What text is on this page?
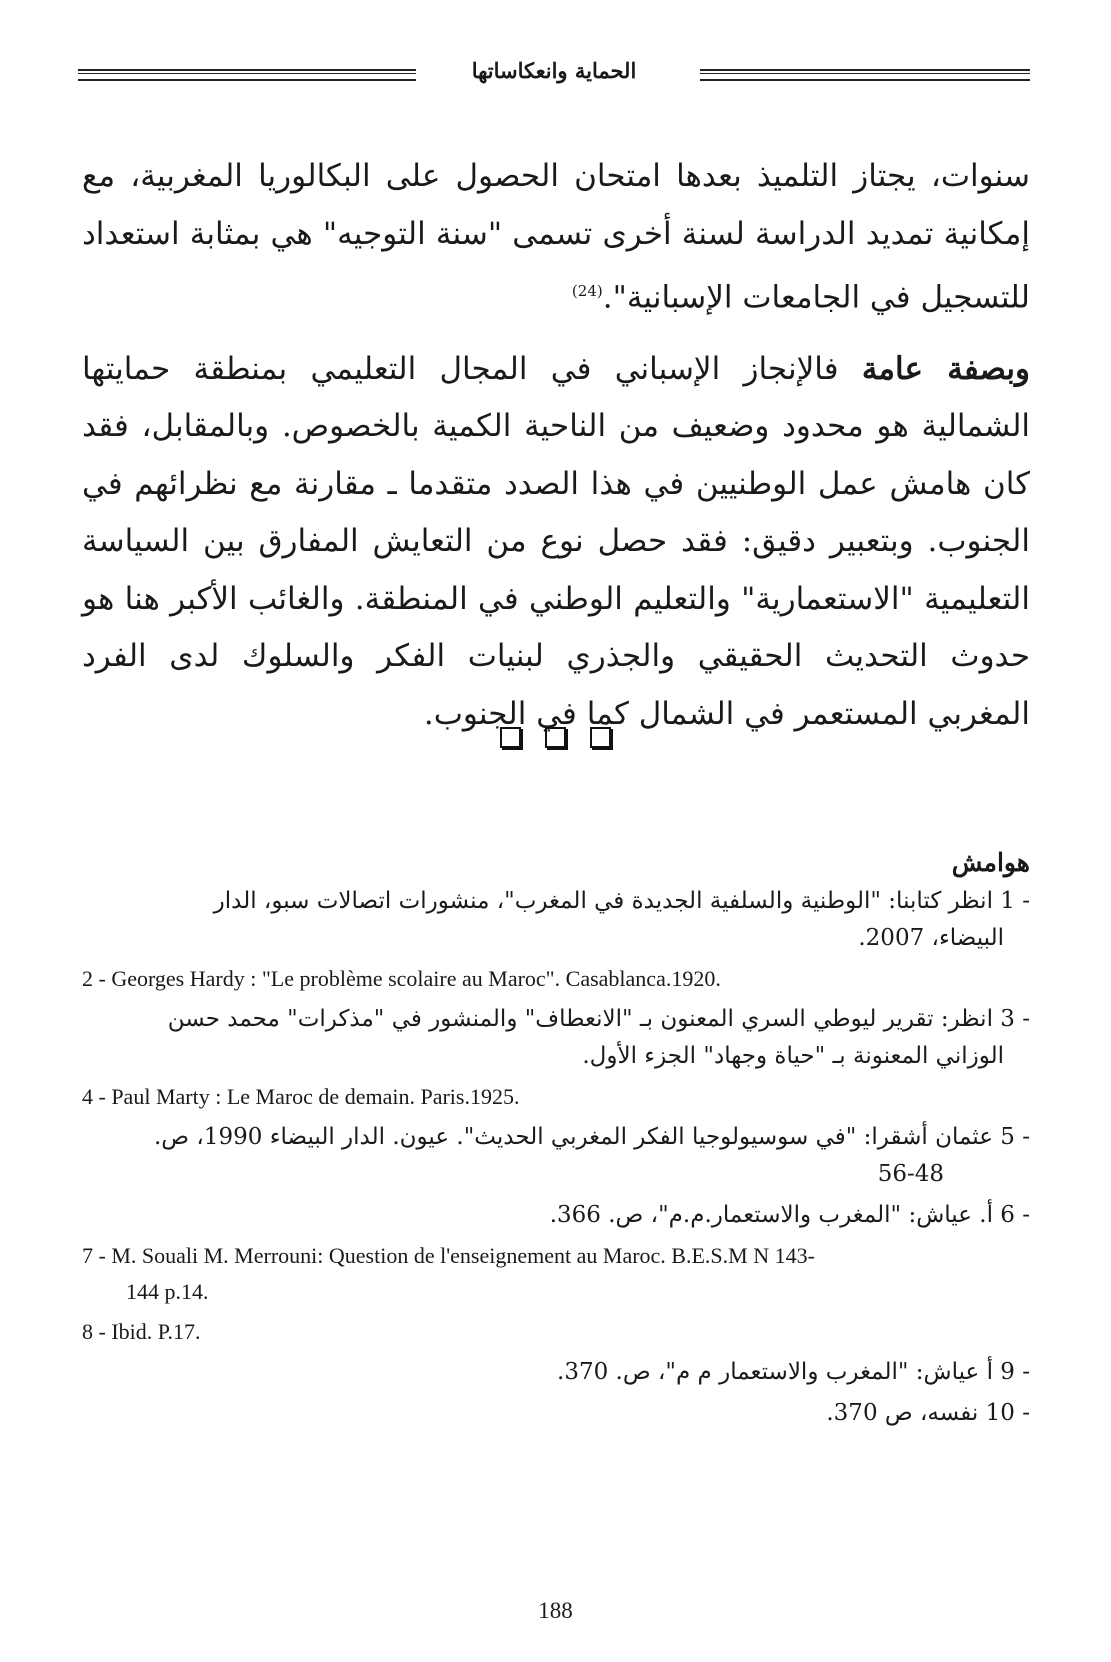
الحماية وانعكاساتها

سنوات، يجتاز التلميذ بعدها امتحان الحصول على البكالوريا المغربية، مع إمكانية تمديد الدراسة لسنة أخرى تسمى "سنة التوجيه" هي بمثابة استعداد للتسجيل في الجامعات الإسبانية".$^{(24)}$

وبصفة عامة فالإنجاز الإسباني في المجال التعليمي بمنطقة حمايتها الشمالية هو محدود وضعيف من الناحية الكمية بالخصوص. وبالمقابل، فقد كان هامش عمل الوطنيين في هذا الصدد متقدما ـ مقارنة مع نظرائهم في الجنوب. وبتعبير دقيق: فقد حصل نوع من التعايش المفارق بين السياسة التعليمية "الاستعمارية" والتعليم الوطني في المنطقة. والغائب الأكبر هنا هو حدوث التحديث الحقيقي والجذري لبنيات الفكر والسلوك لدى الفرد المغربي المستعمر في الشمال كما في الجنوب.

هوامش
1 - انظر كتابنا: "الوطنية والسلفية الجديدة في المغرب"، منشورات اتصالات سبو، الدار
البيضاء، 2007.
2 - Georges Hardy : "Le problème scolaire au Maroc". Casablanca.1920.
3 - انظر: تقرير ليوطي السري المعنون بـ "الانعطاف" والمنشور في "مذكرات" محمد حسن
الوزاني المعنونة بـ "حياة وجهاد" الجزء الأول.
4 - Paul Marty : Le Maroc de demain. Paris.1925.
5 - عثمان أشقرا: "في سوسيولوجيا الفكر المغربي الحديث". عيون. الدار البيضاء 1990، ص.
56-48
6 - أ. عياش: "المغرب والاستعمار.م.م"، ص. 366.
7 - M. Souali M. Merrouni: Question de l'enseignement au Maroc. B.E.S.M N 143-
144 p.14.
8 - Ibid. P.17.
9 - أ عياش: "المغرب والاستعمار م م"، ص. 370.
10 - نفسه، ص 370.
188
